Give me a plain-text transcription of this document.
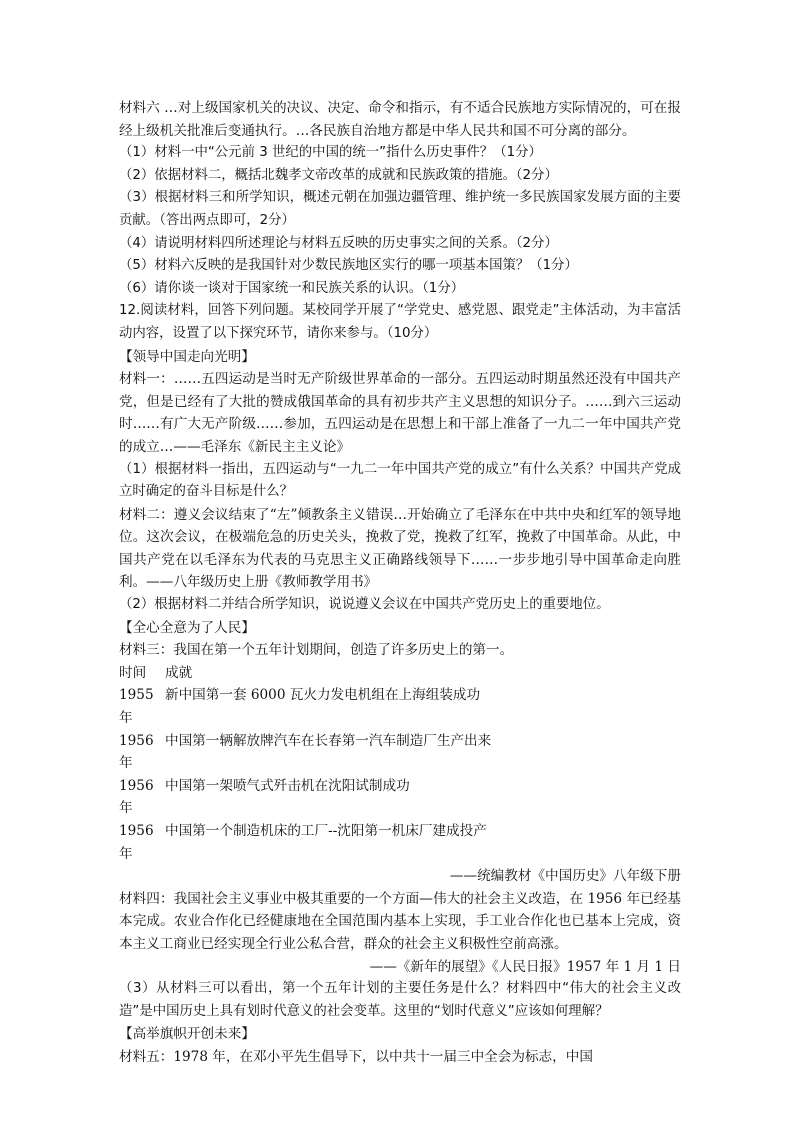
材料六 …对上级国家机关的决议、决定、命令和指示，有不适合民族地方实际情况的，可在报经上级机关批准后变通执行。…各民族自治地方都是中华人民共和国不可分离的部分。

（1）材料一中“公元前 3 世纪的中国的统一”指什么历史事件？（1分）

（2）依据材料二，概括北魏孝文帝改革的成就和民族政策的措施。（2分）

（3）根据材料三和所学知识，概述元朝在加强边疆管理、维护统一多民族国家发展方面的主要贡献。（答出两点即可，2分）

（4）请说明材料四所述理论与材料五反映的历史事实之间的关系。（2分）

（5）材料六反映的是我国针对少数民族地区实行的哪一项基本国策？（1分）

（6）请你谈一谈对于国家统一和民族关系的认识。（1分）

12.阅读材料，回答下列问题。某校同学开展了“学党史、感党恩、跟党走”主体活动，为丰富活动内容，设置了以下探究环节，请你来参与。（10分）

【领导中国走向光明】

材料一：……五四运动是当时无产阶级世界革命的一部分。五四运动时期虽然还没有中国共产党，但是已经有了大批的赞成俄国革命的具有初步共产主义思想的知识分子。……到六三运动时……有广大无产阶级……参加，五四运动是在思想上和干部上准备了一九二一年中国共产党的成立…——毛泽东《新民主主义论》

（1）根据材料一指出，五四运动与“一九二一年中国共产党的成立”有什么关系？中国共产党成立时确定的奋斗目标是什么？

材料二：遵义会议结束了“左”倾教条主义错误…开始确立了毛泽东在中共中央和红军的领导地位。这次会议，在极端危急的历史关头，挽救了党，挽救了红军，挽救了中国革命。从此，中国共产党在以毛泽东为代表的马克思主义正确路线领导下……一步步地引导中国革命走向胜利。——八年级历史上册《教师教学用书》

（2）根据材料二并结合所学知识，说说遵义会议在中国共产党历史上的重要地位。

【全心全意为了人民】

材料三：我国在第一个五年计划期间，创造了许多历史上的第一。

时间	成就
1955 年
新中国第一套 6000 瓦火力发电机组在上海组装成功
1956 年
中国第一辆解放牌汽车在长春第一汽车制造厂生产出来
1956 年
中国第一架喷气式歼击机在沈阳试制成功
1956 年
中国第一个制造机床的工厂--沈阳第一机床厂建成投产

——统编教材《中国历史》八年级下册

材料四：我国社会主义事业中极其重要的一个方面—伟大的社会主义改造，在 1956 年已经基本完成。农业合作化已经健康地在全国范围内基本上实现，手工业合作化也已基本上完成，资本主义工商业已经实现全行业公私合营，群众的社会主义积极性空前高涨。

——《新年的展望》《人民日报》1957 年 1 月 1 日

（3）从材料三可以看出，第一个五年计划的主要任务是什么？材料四中“伟大的社会主义改造”是中国历史上具有划时代意义的社会变革。这里的“划时代意义”应该如何理解？

【高举旗帜开创未来】

材料五：1978 年，在邓小平先生倡导下，以中共十一届三中全会为标志，中国
